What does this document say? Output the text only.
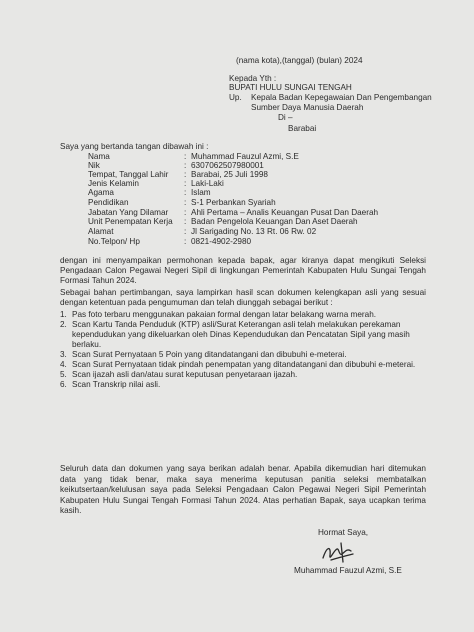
(nama kota),(tanggal) (bulan) 2024
Kepada Yth :
BUPATI HULU SUNGAI TENGAH
Up. Kepala Badan Kepegawaian Dan Pengembangan
Sumber Daya Manusia Daerah
Di –
Barabai
Saya yang bertanda tangan dibawah ini :
Nama	: Muhammad Fauzul Azmi, S.E
Nik	: 6307062507980001
Tempat, Tanggal Lahir : Barabai, 25 Juli 1998
Jenis Kelamin	: Laki-Laki
Agama	: Islam
Pendidikan	: S-1 Perbankan Syariah
Jabatan Yang Dilamar : Ahli Pertama – Analis Keuangan Pusat Dan Daerah
Unit Penempatan Kerja : Badan Pengelola Keuangan Dan Aset Daerah
Alamat	: Jl Sarigading No. 13 Rt. 06 Rw. 02
No.Telpon/ Hp	: 0821-4902-2980
dengan ini menyampaikan permohonan kepada bapak, agar kiranya dapat mengikuti Seleksi Pengadaan Calon Pegawai Negeri Sipil di lingkungan Pemerintah Kabupaten Hulu Sungai Tengah Formasi Tahun 2024.
Sebagai bahan pertimbangan, saya lampirkan hasil scan dokumen kelengkapan asli yang sesuai dengan ketentuan pada pengumuman dan telah diunggah sebagai berikut :
1. Pas foto terbaru menggunakan pakaian formal dengan latar belakang warna merah.
2. Scan Kartu Tanda Penduduk (KTP) asli/Surat Keterangan asli telah melakukan perekaman kependudukan yang dikeluarkan oleh Dinas Kependudukan dan Pencatatan Sipil yang masih berlaku.
3. Scan Surat Pernyataan 5 Poin yang ditandatangani dan dibubuhi e-meterai.
4. Scan Surat Pernyataan tidak pindah penempatan yang ditandatangani dan dibubuhi e-meterai.
5. Scan ijazah asli dan/atau surat keputusan penyetaraan ijazah.
6. Scan Transkrip nilai asli.
Seluruh data dan dokumen yang saya berikan adalah benar. Apabila dikemudian hari ditemukan data yang tidak benar, maka saya menerima keputusan panitia seleksi membatalkan keikutsertaan/kelulusan saya pada Seleksi Pengadaan Calon Pegawai Negeri Sipil Pemerintah Kabupaten Hulu Sungai Tengah Formasi Tahun 2024. Atas perhatian Bapak, saya ucapkan terima kasih.
Hormat Saya,
Muhammad Fauzul Azmi, S.E
